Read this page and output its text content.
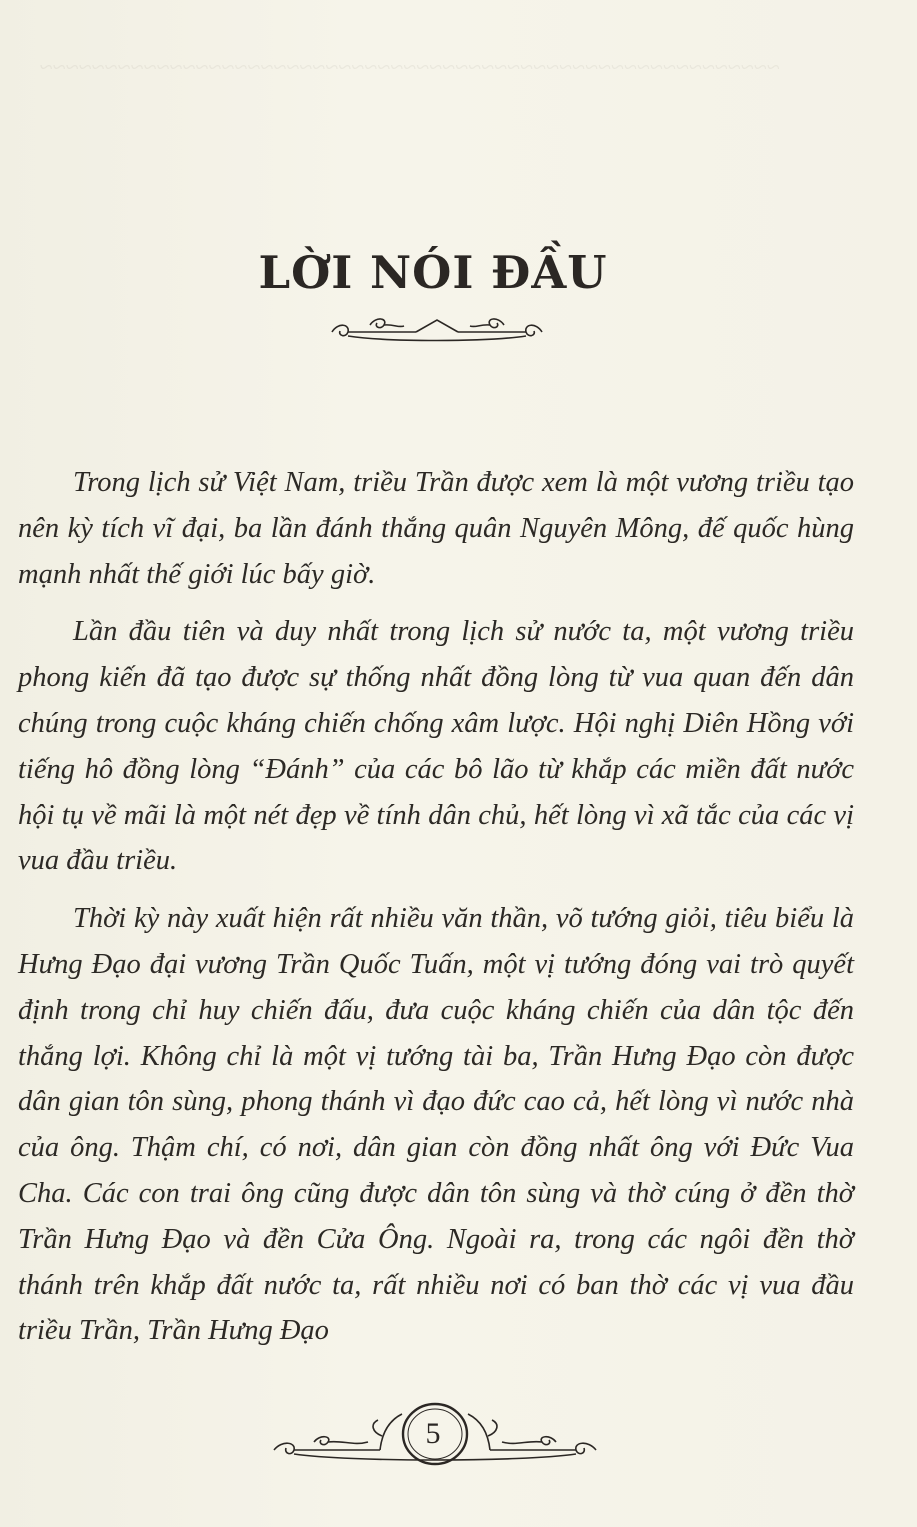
~~~~~~~~~~~~~~~~~~~~~~~~~~~~~~~~~~~~~~~~~~~~~~~~~~~~~~~~~
LỜI NÓI ĐẦU

Trong lịch sử Việt Nam, triều Trần được xem là một vương triều tạo nên kỳ tích vĩ đại, ba lần đánh thắng quân Nguyên Mông, đế quốc hùng mạnh nhất thế giới lúc bấy giờ.

Lần đầu tiên và duy nhất trong lịch sử nước ta, một vương triều phong kiến đã tạo được sự thống nhất đồng lòng từ vua quan đến dân chúng trong cuộc kháng chiến chống xâm lược. Hội nghị Diên Hồng với tiếng hô đồng lòng “Đánh” của các bô lão từ khắp các miền đất nước hội tụ về mãi là một nét đẹp về tính dân chủ, hết lòng vì xã tắc của các vị vua đầu triều.

Thời kỳ này xuất hiện rất nhiều văn thần, võ tướng giỏi, tiêu biểu là Hưng Đạo đại vương Trần Quốc Tuấn, một vị tướng đóng vai trò quyết định trong chỉ huy chiến đấu, đưa cuộc kháng chiến của dân tộc đến thắng lợi. Không chỉ là một vị tướng tài ba, Trần Hưng Đạo còn được dân gian tôn sùng, phong thánh vì đạo đức cao cả, hết lòng vì nước nhà của ông. Thậm chí, có nơi, dân gian còn đồng nhất ông với Đức Vua Cha. Các con trai ông cũng được dân tôn sùng và thờ cúng ở đền thờ Trần Hưng Đạo và đền Cửa Ông. Ngoài ra, trong các ngôi đền thờ thánh trên khắp đất nước ta, rất nhiều nơi có ban thờ các vị vua đầu triều Trần, Trần Hưng Đạo

5
